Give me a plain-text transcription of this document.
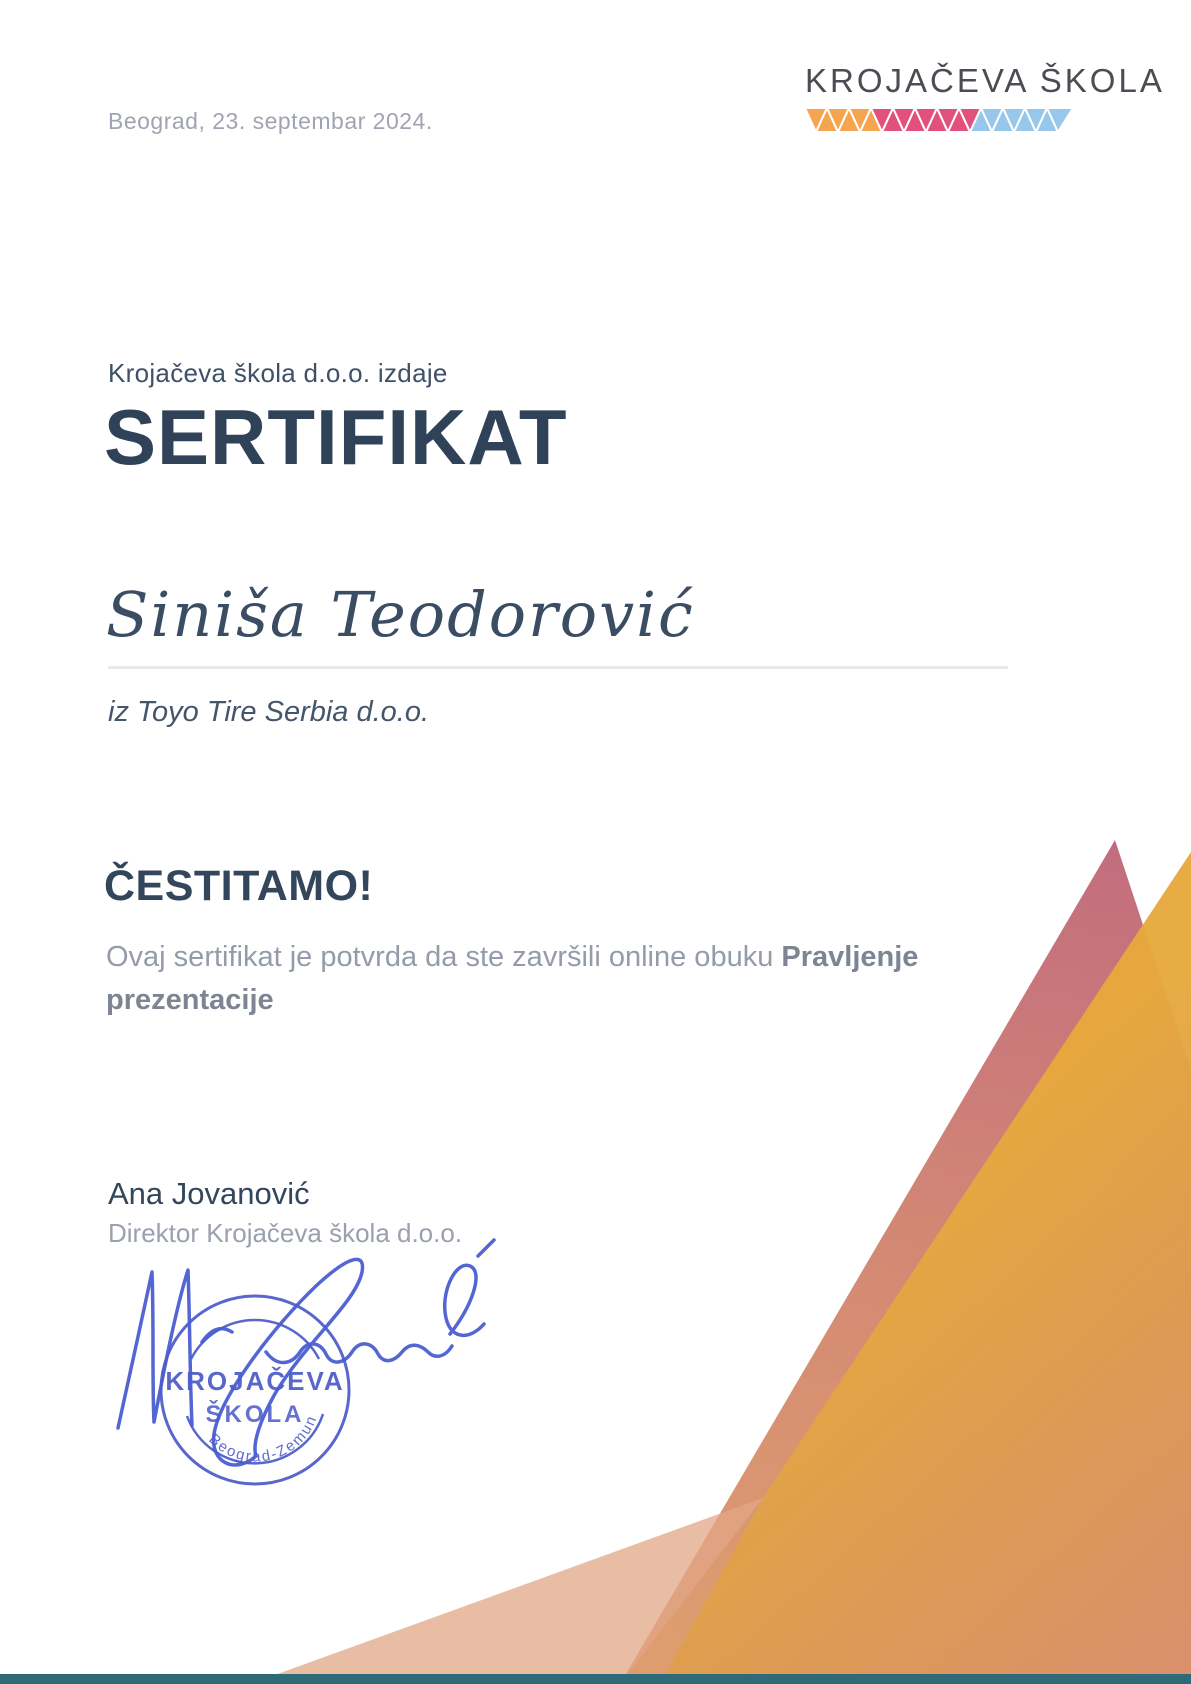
Beograd, 23. septembar 2024.
KROJAČEVA ŠKOLA
Krojačeva škola d.o.o. izdaje
SERTIFIKAT
Siniša Teodorović
iz Toyo Tire Serbia d.o.o.
ČESTITAMO!
Ovaj sertifikat je potvrda da ste završili online obuku Pravljenje prezentacije
Ana Jovanović
Direktor Krojačeva škola d.o.o.
KROJAČEVA
ŠKOLA
Beograd-Zemun
